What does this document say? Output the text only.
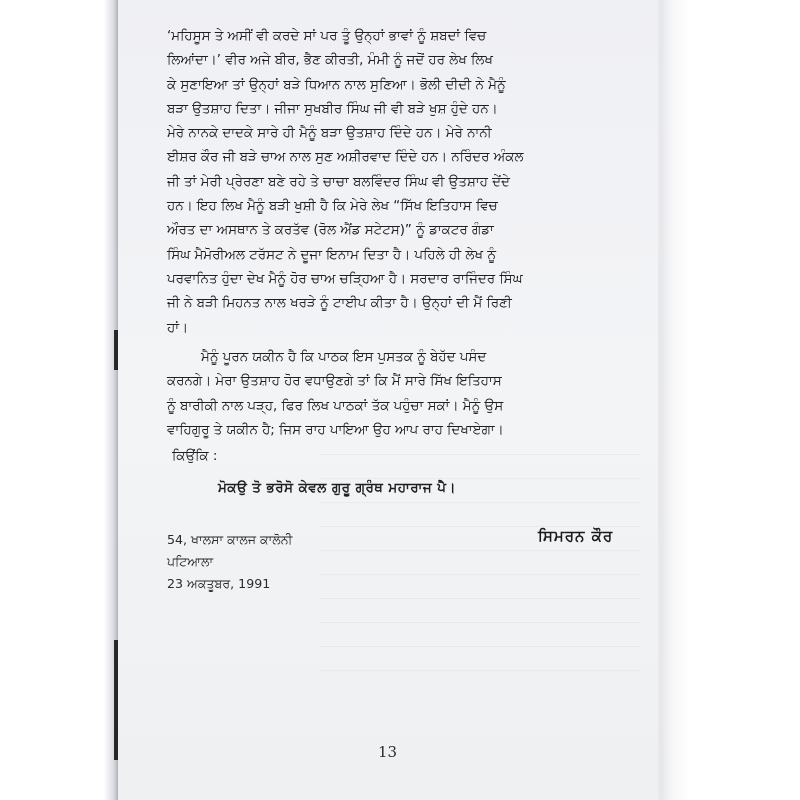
‘ਮਹਿਸੂਸ ਤੇ ਅਸੀਂ ਵੀ ਕਰਦੇ ਸਾਂ ਪਰ ਤੂੰ ਉਨ੍ਹਾਂ ਭਾਵਾਂ ਨੂੰ ਸ਼ਬਦਾਂ ਵਿਚ
ਲਿਆਂਦਾ।’ ਵੀਰ ਅਜੇ ਬੀਰ, ਭੈਣ ਕੀਰਤੀ, ਮੰਮੀ ਨੂੰ ਜਦੋਂ ਹਰ ਲੇਖ ਲਿਖ
ਕੇ ਸੁਣਾਇਆ ਤਾਂ ਉਨ੍ਹਾਂ ਬੜੇ ਧਿਆਨ ਨਾਲ ਸੁਣਿਆ। ਭੋਲੀ ਦੀਦੀ ਨੇ ਮੈਨੂੰ
ਬੜਾ ਉਤਸ਼ਾਹ ਦਿਤਾ। ਜੀਜਾ ਸੁਖਬੀਰ ਸਿੰਘ ਜੀ ਵੀ ਬੜੇ ਖੁਸ਼ ਹੁੰਦੇ ਹਨ।
ਮੇਰੇ ਨਾਨਕੇ ਦਾਦਕੇ ਸਾਰੇ ਹੀ ਮੈਨੂੰ ਬੜਾ ਉਤਸ਼ਾਹ ਦਿੰਦੇ ਹਨ। ਮੇਰੇ ਨਾਨੀ
ਈਸ਼ਰ ਕੌਰ ਜੀ ਬੜੇ ਚਾਅ ਨਾਲ ਸੁਣ ਅਸ਼ੀਰਵਾਦ ਦਿੰਦੇ ਹਨ। ਨਰਿੰਦਰ ਅੰਕਲ
ਜੀ ਤਾਂ ਮੇਰੀ ਪ੍ਰੇਰਣਾ ਬਣੇ ਰਹੇ ਤੇ ਚਾਚਾ ਬਲਵਿੰਦਰ ਸਿੰਘ ਵੀ ਉਤਸ਼ਾਹ ਦੇਂਦੇ
ਹਨ। ਇਹ ਲਿਖ ਮੈਨੂੰ ਬੜੀ ਖੁਸ਼ੀ ਹੈ ਕਿ ਮੇਰੇ ਲੇਖ “ਸਿੱਖ ਇਤਿਹਾਸ ਵਿਚ
ਔਰਤ ਦਾ ਅਸਥਾਨ ਤੇ ਕਰਤੱਵ (ਰੋਲ ਐਂਡ ਸਟੇਟਸ)” ਨੂੰ ਡਾਕਟਰ ਗੰਡਾ
ਸਿੰਘ ਮੈਮੋਰੀਅਲ ਟਰੱਸਟ ਨੇ ਦੂਜਾ ਇਨਾਮ ਦਿਤਾ ਹੈ। ਪਹਿਲੇ ਹੀ ਲੇਖ ਨੂੰ
ਪਰਵਾਨਿਤ ਹੁੰਦਾ ਦੇਖ ਮੈਨੂੰ ਹੋਰ ਚਾਅ ਚੜ੍ਹਿਆ ਹੈ। ਸਰਦਾਰ ਰਾਜਿੰਦਰ ਸਿੰਘ
ਜੀ ਨੇ ਬੜੀ ਮਿਹਨਤ ਨਾਲ ਖਰੜੇ ਨੂੰ ਟਾਈਪ ਕੀਤਾ ਹੈ। ਉਨ੍ਹਾਂ ਦੀ ਮੈਂ ਰਿਣੀ
ਹਾਂ।
ਮੈਨੂੰ ਪੂਰਨ ਯਕੀਨ ਹੈ ਕਿ ਪਾਠਕ ਇਸ ਪੁਸਤਕ ਨੂੰ ਬੇਹੱਦ ਪਸੰਦ
ਕਰਨਗੇ। ਮੇਰਾ ਉਤਸ਼ਾਹ ਹੋਰ ਵਧਾਉਣਗੇ ਤਾਂ ਕਿ ਮੈਂ ਸਾਰੇ ਸਿੱਖ ਇਤਿਹਾਸ
ਨੂੰ ਬਾਰੀਕੀ ਨਾਲ ਪੜ੍ਹ, ਫਿਰ ਲਿਖ ਪਾਠਕਾਂ ਤੱਕ ਪਹੁੰਚਾ ਸਕਾਂ। ਮੈਨੂੰ ਉਸ
ਵਾਹਿਗੁਰੂ ਤੇ ਯਕੀਨ ਹੈ; ਜਿਸ ਰਾਹ ਪਾਇਆ ਉਹ ਆਪ ਰਾਹ ਦਿਖਾਏਗਾ।
ਕਿਉਂਕਿ :
ਮੋਕਉ ਤੋ ਭਰੋਸੋ ਕੇਵਲ ਗੁਰੂ ਗ੍ਰੰਥ ਮਹਾਰਾਜ ਪੈ।
54, ਖਾਲਸਾ ਕਾਲਜ ਕਾਲੋਨੀ
ਪਟਿਆਲਾ
23 ਅਕਤੂਬਰ, 1991
ਸਿਮਰਨ ਕੌਰ
13
